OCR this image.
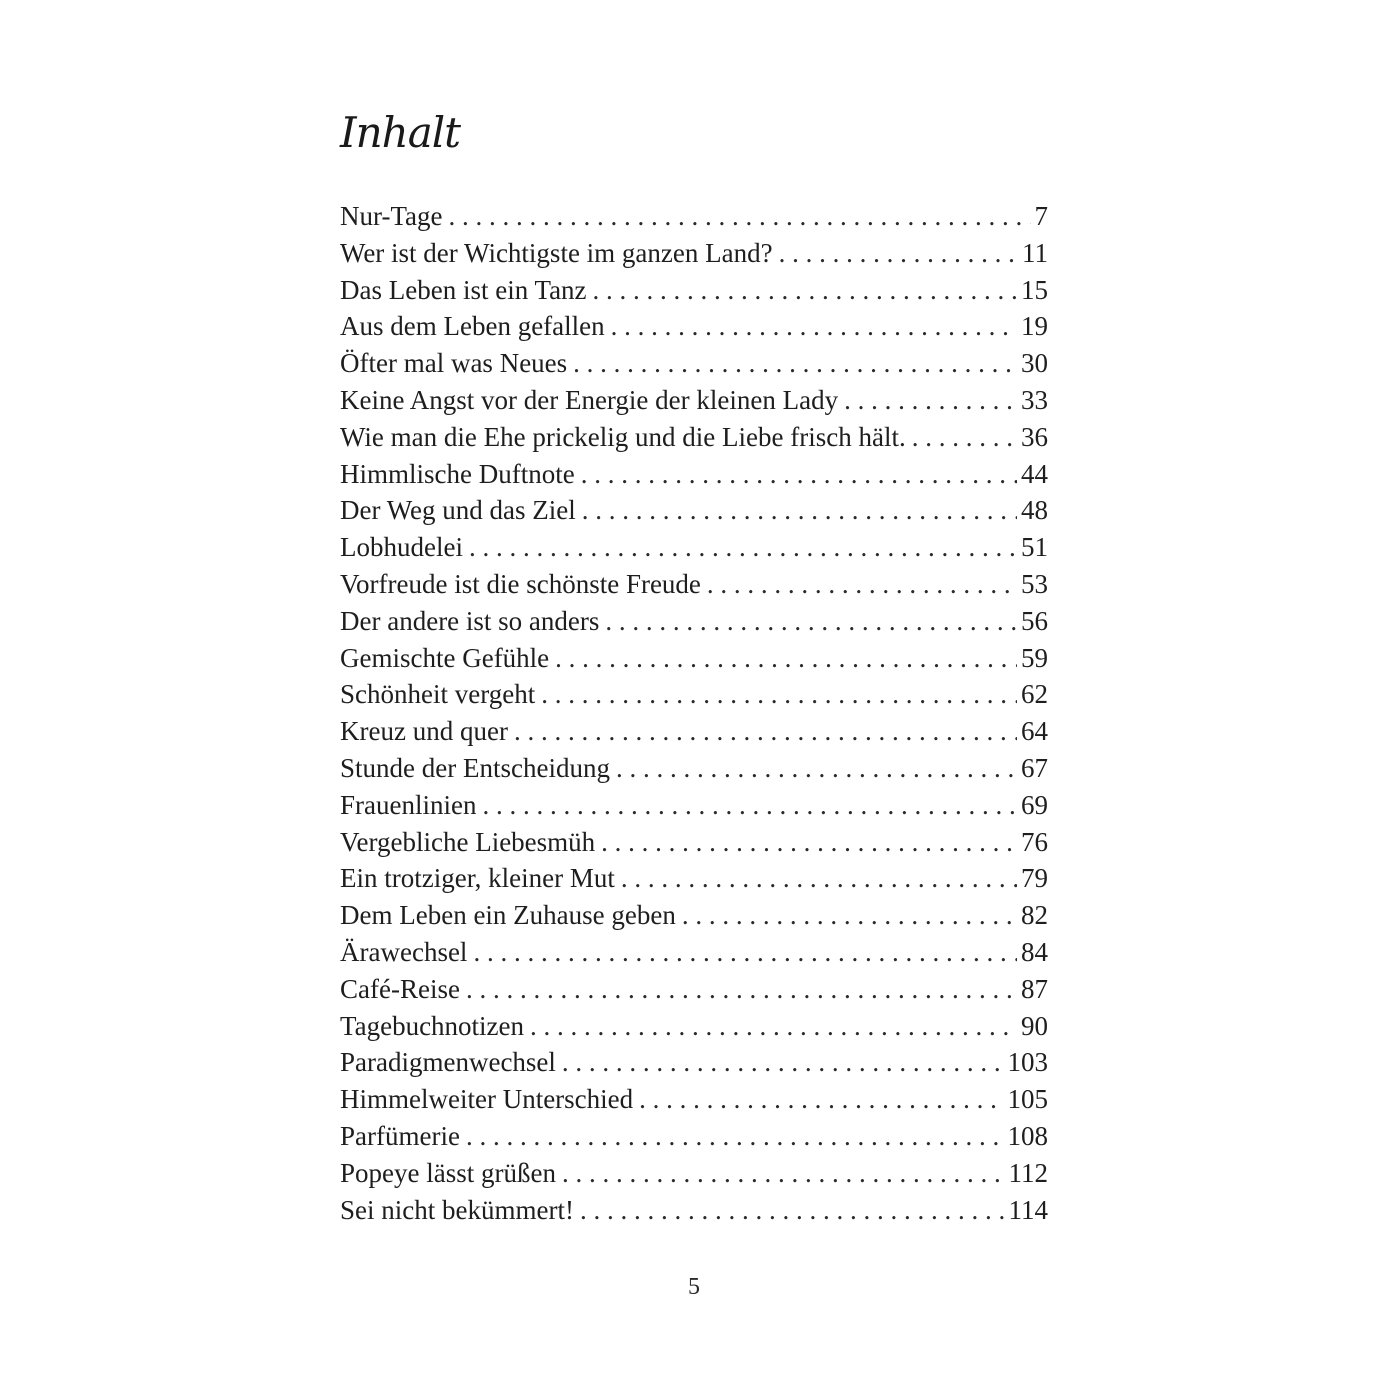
Inhalt
Nur-Tage . . .	7
Wer ist der Wichtigste im ganzen Land? . . .	11
Das Leben ist ein Tanz . . .	15
Aus dem Leben gefallen . . .	19
Öfter mal was Neues . . .	30
Keine Angst vor der Energie der kleinen Lady . . .	33
Wie man die Ehe prickelig und die Liebe frisch hält. . . .	36
Himmlische Duftnote . . .	44
Der Weg und das Ziel . . .	48
Lobhudelei . . .	51
Vorfreude ist die schönste Freude . . .	53
Der andere ist so anders . . .	56
Gemischte Gefühle . . .	59
Schönheit vergeht . . .	62
Kreuz und quer . . .	64
Stunde der Entscheidung . . .	67
Frauenlinien . . .	69
Vergebliche Liebesmüh . . .	76
Ein trotziger, kleiner Mut . . .	79
Dem Leben ein Zuhause geben . . .	82
Ärawechsel . . .	84
Café-Reise . . .	87
Tagebuchnotizen . . .	90
Paradigmenwechsel . . .	103
Himmelweiter Unterschied . . .	105
Parfümerie . . .	108
Popeye lässt grüßen . . .	112
Sei nicht bekümmert! . . .	114
5
